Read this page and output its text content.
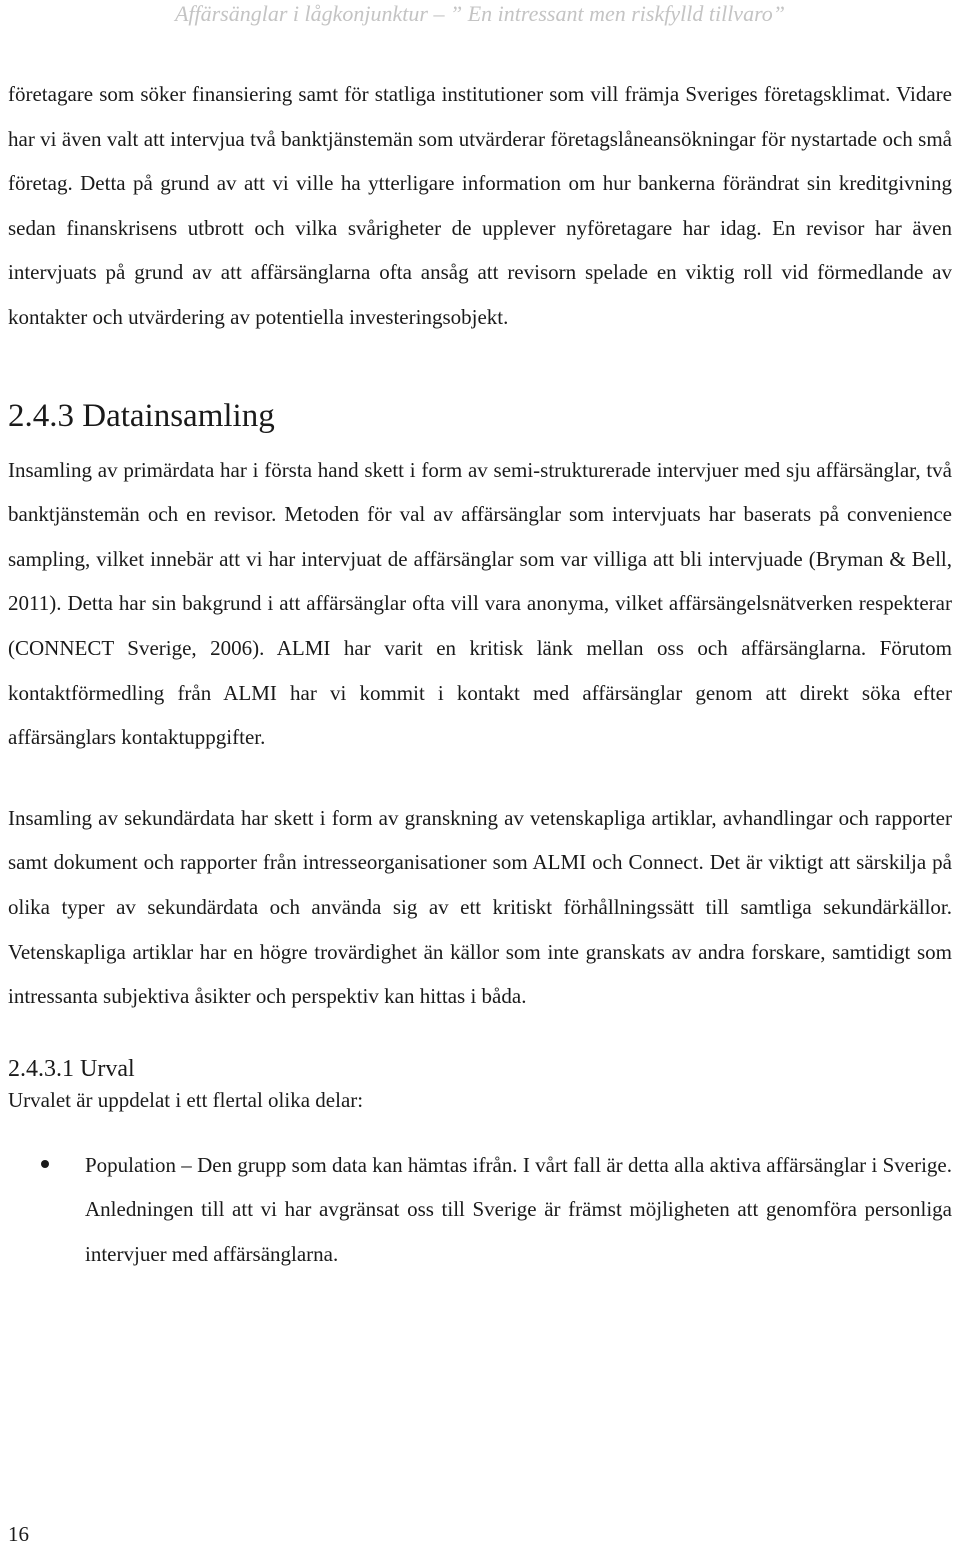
Affärsänglar i lågkonjunktur – ” En intressant men riskfylld tillvaro”

företagare som söker finansiering samt för statliga institutioner som vill främja Sveriges företagsklimat. Vidare har vi även valt att intervjua två banktjänstemän som utvärderar företagslåneansökningar för nystartade och små företag. Detta på grund av att vi ville ha ytterligare information om hur bankerna förändrat sin kreditgivning sedan finanskrisens utbrott och vilka svårigheter de upplever nyföretagare har idag. En revisor har även intervjuats på grund av att affärsänglarna ofta ansåg att revisorn spelade en viktig roll vid förmedlande av kontakter och utvärdering av potentiella investeringsobjekt.

2.4.3 Datainsamling

Insamling av primärdata har i första hand skett i form av semi-strukturerade intervjuer med sju affärsänglar, två banktjänstemän och en revisor. Metoden för val av affärsänglar som intervjuats har baserats på convenience sampling, vilket innebär att vi har intervjuat de affärsänglar som var villiga att bli intervjuade (Bryman & Bell, 2011). Detta har sin bakgrund i att affärsänglar ofta vill vara anonyma, vilket affärsängelsnätverken respekterar (CONNECT Sverige, 2006). ALMI har varit en kritisk länk mellan oss och affärsänglarna. Förutom kontaktförmedling från ALMI har vi kommit i kontakt med affärsänglar genom att direkt söka efter affärsänglars kontaktuppgifter.

Insamling av sekundärdata har skett i form av granskning av vetenskapliga artiklar, avhandlingar och rapporter samt dokument och rapporter från intresseorganisationer som ALMI och Connect. Det är viktigt att särskilja på olika typer av sekundärdata och använda sig av ett kritiskt förhållningssätt till samtliga sekundärkällor. Vetenskapliga artiklar har en högre trovärdighet än källor som inte granskats av andra forskare, samtidigt som intressanta subjektiva åsikter och perspektiv kan hittas i båda.

2.4.3.1 Urval

Urvalet är uppdelat i ett flertal olika delar:

Population – Den grupp som data kan hämtas ifrån. I vårt fall är detta alla aktiva affärsänglar i Sverige. Anledningen till att vi har avgränsat oss till Sverige är främst möjligheten att genomföra personliga intervjuer med affärsänglarna.
16
